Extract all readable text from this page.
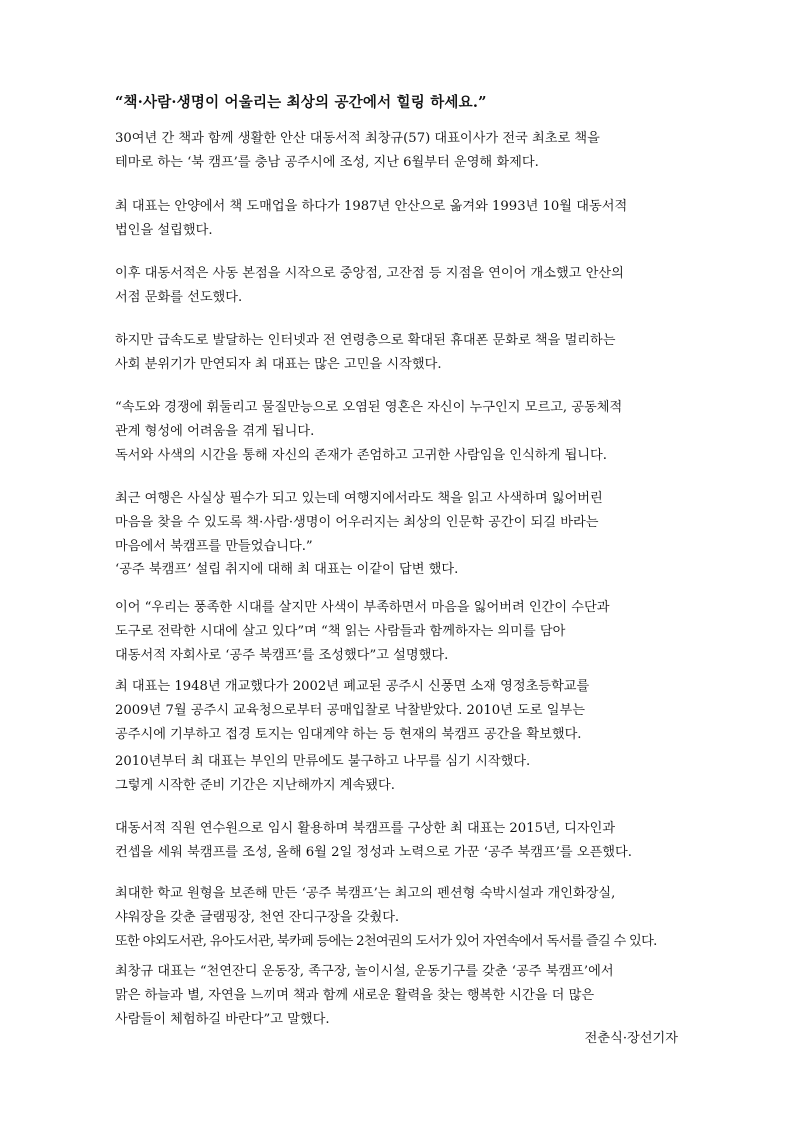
“책·사람·생명이 어울리는 최상의 공간에서 힐링 하세요.”

30여년 간 책과 함께 생활한 안산 대동서적 최창규(57) 대표이사가 전국 최초로 책을
테마로 하는 ‘북 캠프’를 충남 공주시에 조성, 지난 6월부터 운영해 화제다.

최 대표는 안양에서 책 도매업을 하다가 1987년 안산으로 옮겨와 1993년 10월 대동서적
법인을 설립했다.

이후 대동서적은 사동 본점을 시작으로 중앙점, 고잔점 등 지점을 연이어 개소했고 안산의
서점 문화를 선도했다.

하지만 급속도로 발달하는 인터넷과 전 연령층으로 확대된 휴대폰 문화로 책을 멀리하는
사회 분위기가 만연되자 최 대표는 많은 고민을 시작했다.

“속도와 경쟁에 휘둘리고 물질만능으로 오염된 영혼은 자신이 누구인지 모르고, 공동체적
관계 형성에 어려움을 겪게 됩니다.
독서와 사색의 시간을 통해 자신의 존재가 존엄하고 고귀한 사람임을 인식하게 됩니다.

최근 여행은 사실상 필수가 되고 있는데 여행지에서라도 책을 읽고 사색하며 잃어버린
마음을 찾을 수 있도록 책·사람·생명이 어우러지는 최상의 인문학 공간이 되길 바라는
마음에서 북캠프를 만들었습니다.”

‘공주 북캠프’ 설립 취지에 대해 최 대표는 이같이 답변 했다.

이어 “우리는 풍족한 시대를 살지만 사색이 부족하면서 마음을 잃어버려 인간이 수단과
도구로 전락한 시대에 살고 있다”며 “책 읽는 사람들과 함께하자는 의미를 담아
대동서적 자회사로 ‘공주 북캠프’를 조성했다”고 설명했다.

최 대표는 1948년 개교했다가 2002년 폐교된 공주시 신풍면 소재 영정초등학교를
2009년 7월 공주시 교육청으로부터 공매입찰로 낙찰받았다. 2010년 도로 일부는
공주시에 기부하고 접경 토지는 임대계약 하는 등 현재의 북캠프 공간을 확보했다.

2010년부터 최 대표는 부인의 만류에도 불구하고 나무를 심기 시작했다.
그렇게 시작한 준비 기간은 지난해까지 계속됐다.

대동서적 직원 연수원으로 임시 활용하며 북캠프를 구상한 최 대표는 2015년, 디자인과
컨셉을 세워 북캠프를 조성, 올해 6월 2일 정성과 노력으로 가꾼 ‘공주 북캠프’를 오픈했다.

최대한 학교 원형을 보존해 만든 ‘공주 북캠프’는 최고의 펜션형 숙박시설과 개인화장실,
샤워장을 갖춘 글램핑장, 천연 잔디구장을 갖췄다.
또한 야외도서관, 유아도서관, 북카페 등에는 2천여권의 도서가 있어 자연속에서 독서를 즐길 수 있다.

최창규 대표는 “천연잔디 운동장, 족구장, 놀이시설, 운동기구를 갖춘 ‘공주 북캠프’에서
맑은 하늘과 별, 자연을 느끼며 책과 함께 새로운 활력을 찾는 행복한 시간을 더 많은
사람들이 체험하길 바란다”고 말했다.

전춘식·장선기자
